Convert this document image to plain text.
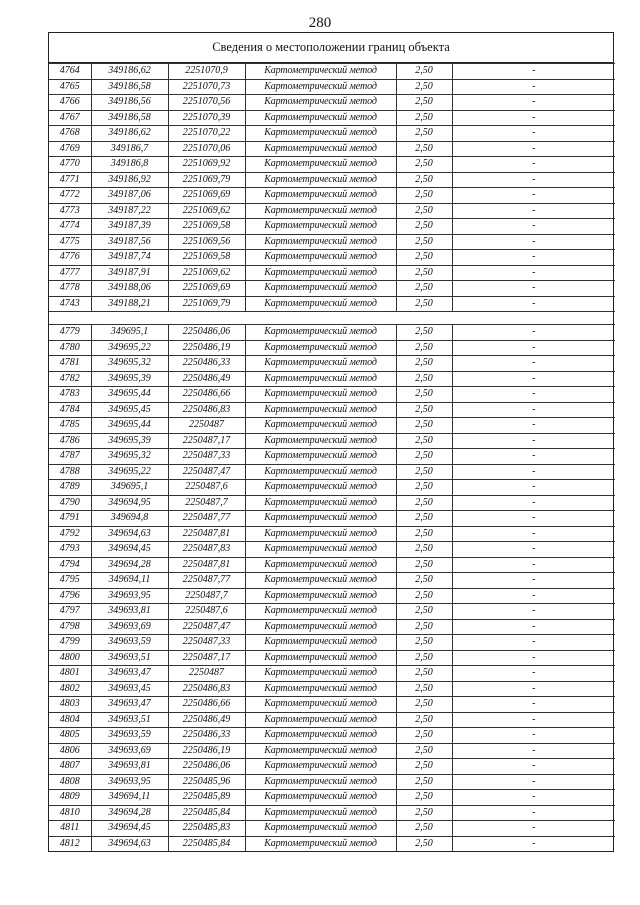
280
Сведения о местоположении границ объекта
4764	349186,62	2251070,9	Картометрический метод	2,50	-
4765	349186,58	2251070,73	Картометрический метод	2,50	-
4766	349186,56	2251070,56	Картометрический метод	2,50	-
4767	349186,58	2251070,39	Картометрический метод	2,50	-
4768	349186,62	2251070,22	Картометрический метод	2,50	-
4769	349186,7	2251070,06	Картометрический метод	2,50	-
4770	349186,8	2251069,92	Картометрический метод	2,50	-
4771	349186,92	2251069,79	Картометрический метод	2,50	-
4772	349187,06	2251069,69	Картометрический метод	2,50	-
4773	349187,22	2251069,62	Картометрический метод	2,50	-
4774	349187,39	2251069,58	Картометрический метод	2,50	-
4775	349187,56	2251069,56	Картометрический метод	2,50	-
4776	349187,74	2251069,58	Картометрический метод	2,50	-
4777	349187,91	2251069,62	Картометрический метод	2,50	-
4778	349188,06	2251069,69	Картометрический метод	2,50	-
4743	349188,21	2251069,79	Картометрический метод	2,50	-

4779	349695,1	2250486,06	Картометрический метод	2,50	-
4780	349695,22	2250486,19	Картометрический метод	2,50	-
4781	349695,32	2250486,33	Картометрический метод	2,50	-
4782	349695,39	2250486,49	Картометрический метод	2,50	-
4783	349695,44	2250486,66	Картометрический метод	2,50	-
4784	349695,45	2250486,83	Картометрический метод	2,50	-
4785	349695,44	2250487	Картометрический метод	2,50	-
4786	349695,39	2250487,17	Картометрический метод	2,50	-
4787	349695,32	2250487,33	Картометрический метод	2,50	-
4788	349695,22	2250487,47	Картометрический метод	2,50	-
4789	349695,1	2250487,6	Картометрический метод	2,50	-
4790	349694,95	2250487,7	Картометрический метод	2,50	-
4791	349694,8	2250487,77	Картометрический метод	2,50	-
4792	349694,63	2250487,81	Картометрический метод	2,50	-
4793	349694,45	2250487,83	Картометрический метод	2,50	-
4794	349694,28	2250487,81	Картометрический метод	2,50	-
4795	349694,11	2250487,77	Картометрический метод	2,50	-
4796	349693,95	2250487,7	Картометрический метод	2,50	-
4797	349693,81	2250487,6	Картометрический метод	2,50	-
4798	349693,69	2250487,47	Картометрический метод	2,50	-
4799	349693,59	2250487,33	Картометрический метод	2,50	-
4800	349693,51	2250487,17	Картометрический метод	2,50	-
4801	349693,47	2250487	Картометрический метод	2,50	-
4802	349693,45	2250486,83	Картометрический метод	2,50	-
4803	349693,47	2250486,66	Картометрический метод	2,50	-
4804	349693,51	2250486,49	Картометрический метод	2,50	-
4805	349693,59	2250486,33	Картометрический метод	2,50	-
4806	349693,69	2250486,19	Картометрический метод	2,50	-
4807	349693,81	2250486,06	Картометрический метод	2,50	-
4808	349693,95	2250485,96	Картометрический метод	2,50	-
4809	349694,11	2250485,89	Картометрический метод	2,50	-
4810	349694,28	2250485,84	Картометрический метод	2,50	-
4811	349694,45	2250485,83	Картометрический метод	2,50	-
4812	349694,63	2250485,84	Картометрический метод	2,50	-
